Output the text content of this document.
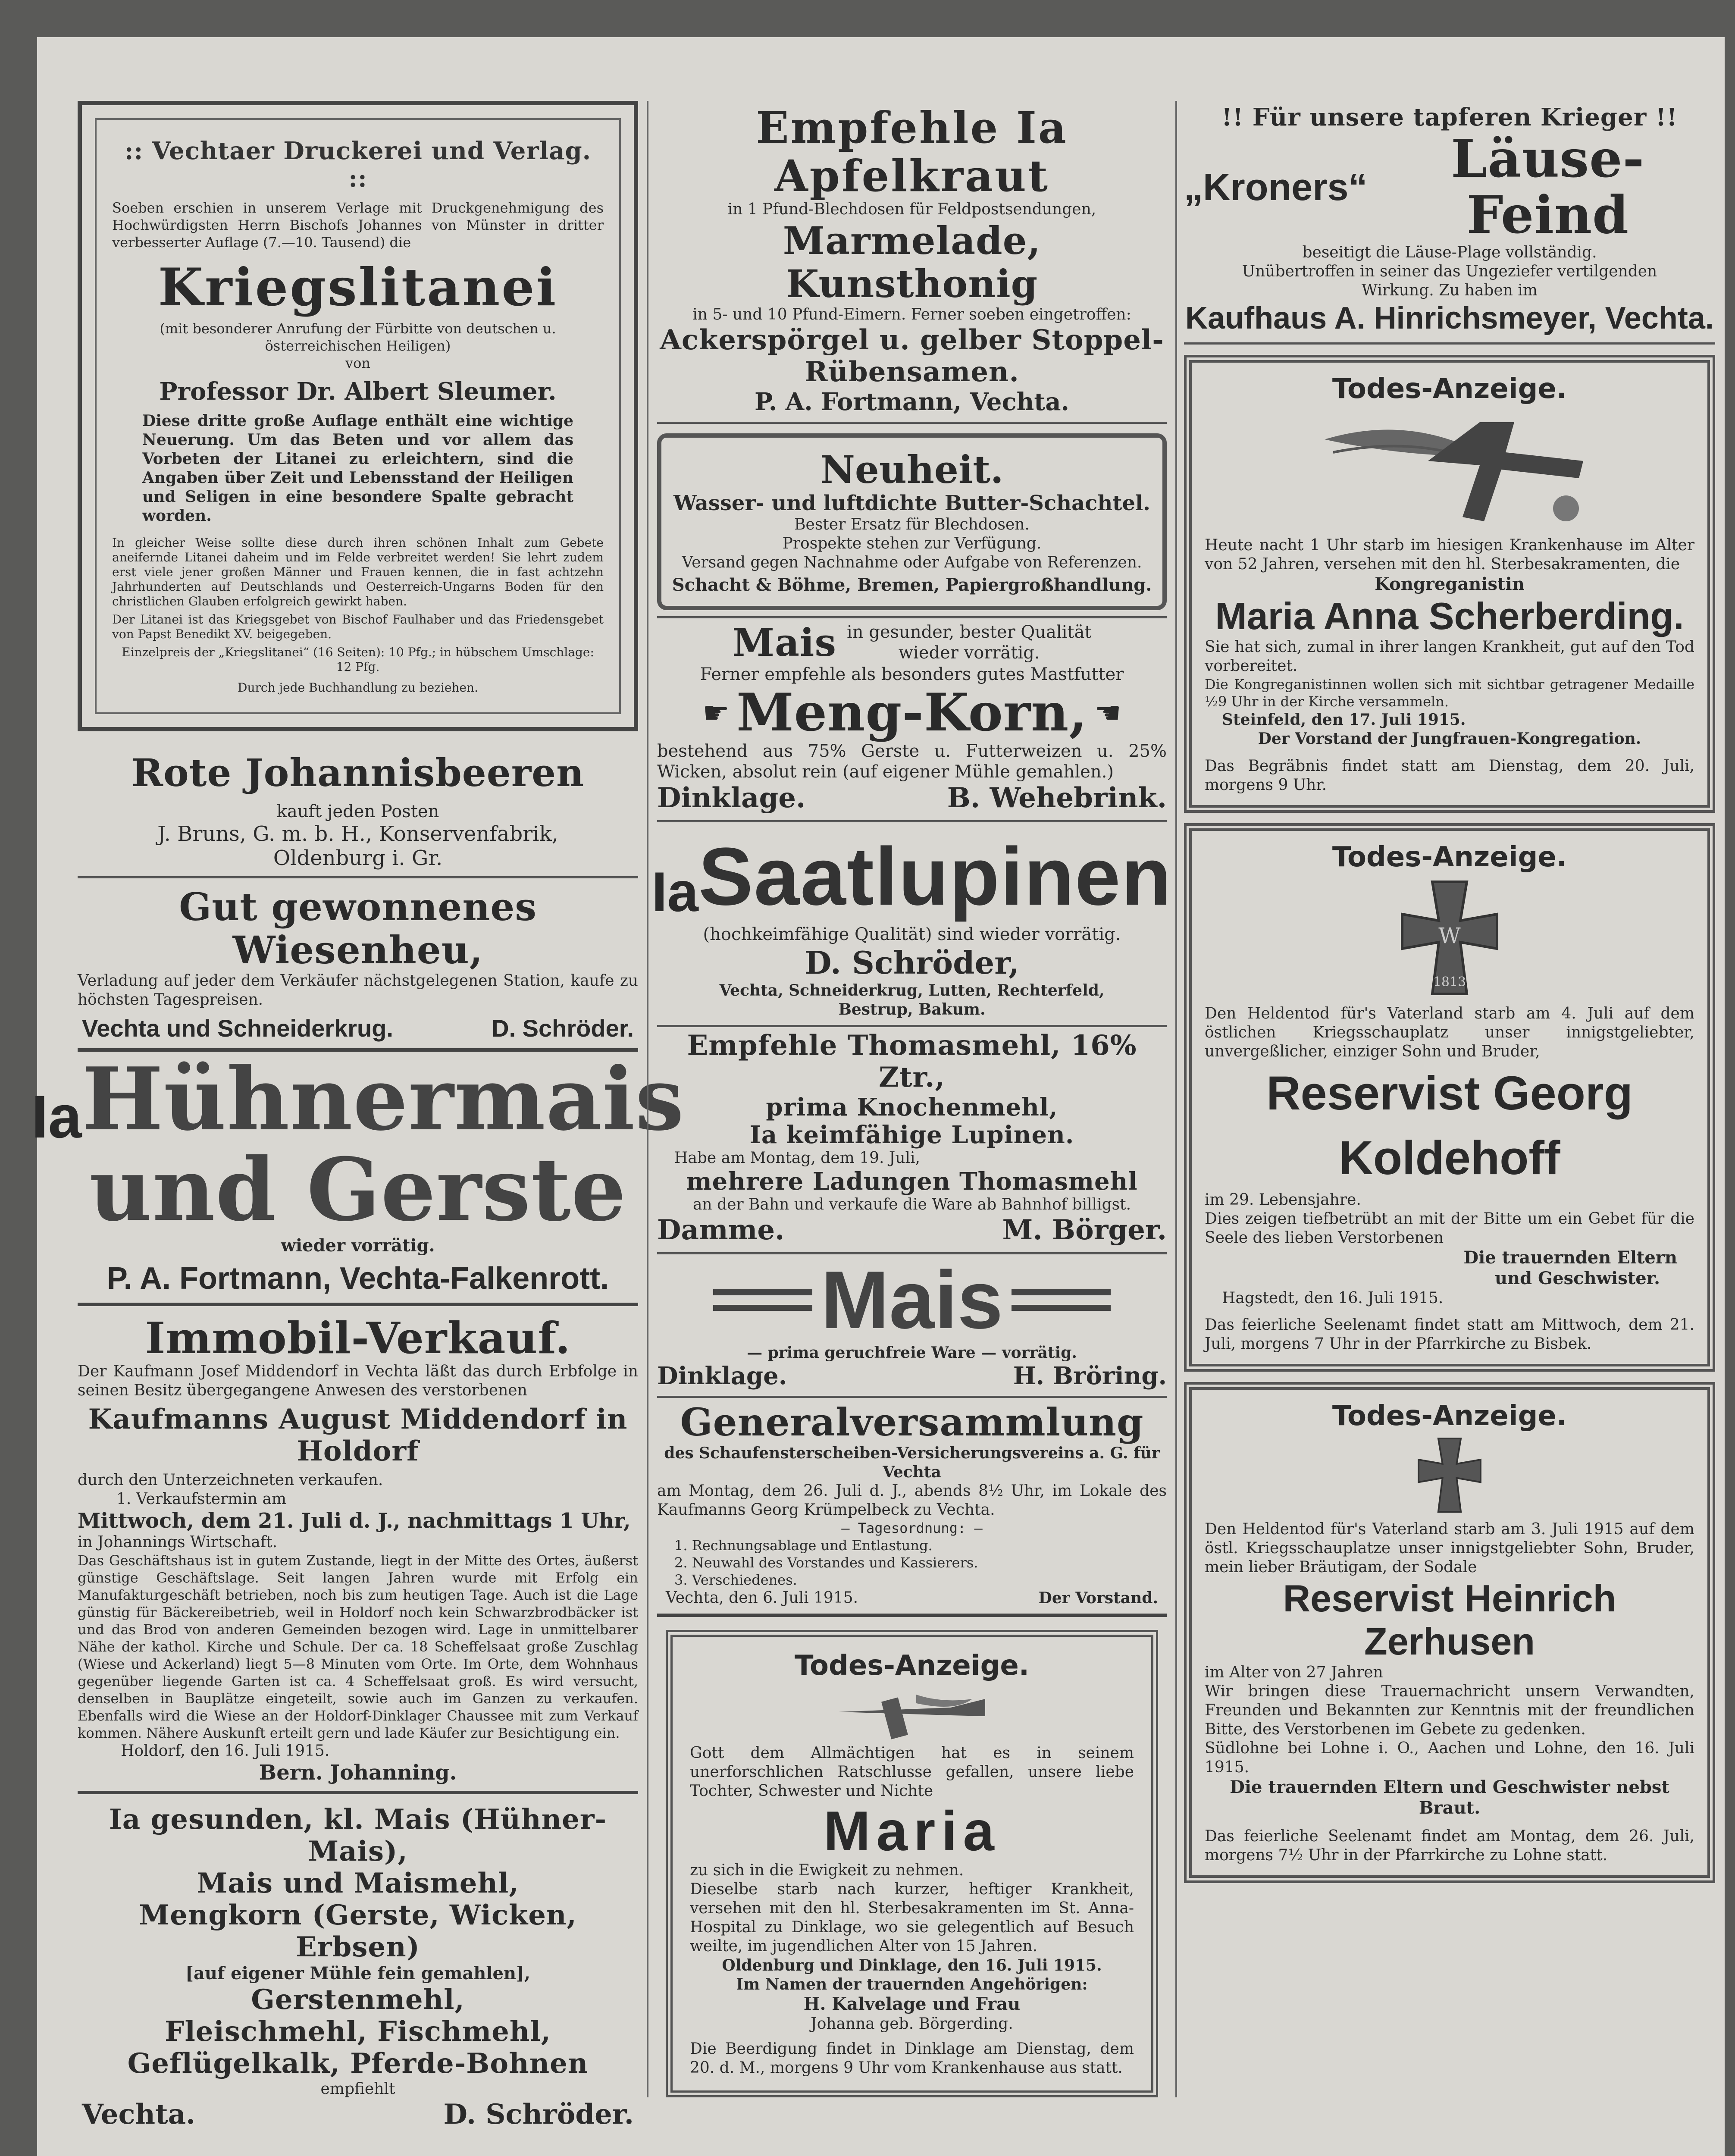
:: Vechtaer Druckerei und Verlag. ::
Soeben erschien in unserem Verlage mit Druckgenehmigung des Hochwürdigsten Herrn Bischofs Johannes von Münster in dritter verbesserter Auflage (7.—10. Tausend) die
Kriegslitanei
(mit besonderer Anrufung der Fürbitte von deutschen u. österreichischen Heiligen)
von
Professor Dr. Albert Sleumer.
Diese dritte große Auflage enthält eine wichtige Neuerung. Um das Beten und vor allem das Vorbeten der Litanei zu erleichtern, sind die Angaben über Zeit und Lebensstand der Heiligen und Seligen in eine besondere Spalte gebracht worden.
In gleicher Weise sollte diese durch ihren schönen Inhalt zum Gebete aneifernde Litanei daheim und im Felde verbreitet werden! Sie lehrt zudem erst viele jener großen Männer und Frauen kennen, die in fast achtzehn Jahrhunderten auf Deutschlands und Oesterreich-Ungarns Boden für den christlichen Glauben erfolgreich gewirkt haben.
Der Litanei ist das Kriegsgebet von Bischof Faulhaber und das Friedensgebet von Papst Benedikt XV. beigegeben.
Einzelpreis der „Kriegslitanei“ (16 Seiten): 10 Pfg.; in hübschem Umschlage: 12 Pfg.
Durch jede Buchhandlung zu beziehen.
Rote Johannisbeeren
kauft jeden Posten
J. Bruns, G. m. b. H., Konservenfabrik,
Oldenburg i. Gr.
Gut gewonnenes Wiesenheu,
Verladung auf jeder dem Verkäufer nächstgelegenen Station, kaufe zu höchsten Tagespreisen.
Vechta und Schneiderkrug.	D. Schröder.
Ia Hühnermais
und Gerste
wieder vorrätig.
P. A. Fortmann, Vechta-Falkenrott.
Immobil-Verkauf.
Der Kaufmann Josef Middendorf in Vechta läßt das durch Erbfolge in seinen Besitz übergegangene Anwesen des verstorbenen
Kaufmanns August Middendorf in Holdorf
durch den Unterzeichneten verkaufen.
1. Verkaufstermin am
Mittwoch, dem 21. Juli d. J., nachmittags 1 Uhr,
in Johannings Wirtschaft.
Das Geschäftshaus ist in gutem Zustande, liegt in der Mitte des Ortes, äußerst günstige Geschäftslage. Seit langen Jahren wurde mit Erfolg ein Manufakturgeschäft betrieben, noch bis zum heutigen Tage. Auch ist die Lage günstig für Bäckereibetrieb, weil in Holdorf noch kein Schwarzbrodbäcker ist und das Brod von anderen Gemeinden bezogen wird. Lage in unmittelbarer Nähe der kathol. Kirche und Schule. Der ca. 18 Scheffelsaat große Zuschlag (Wiese und Ackerland) liegt 5—8 Minuten vom Orte. Im Orte, dem Wohnhaus gegenüber liegende Garten ist ca. 4 Scheffelsaat groß. Es wird versucht, denselben in Bauplätze eingeteilt, sowie auch im Ganzen zu verkaufen. Ebenfalls wird die Wiese an der Holdorf-Dinklager Chaussee mit zum Verkauf kommen. Nähere Auskunft erteilt gern und lade Käufer zur Besichtigung ein.
Holdorf, den 16. Juli 1915.
Bern. Johanning.
Ia gesunden, kl. Mais (Hühner-Mais),
Mais und Maismehl,
Mengkorn (Gerste, Wicken, Erbsen)
[auf eigener Mühle fein gemahlen],
Gerstenmehl,
Fleischmehl, Fischmehl,
Geflügelkalk, Pferde-Bohnen
empfiehlt
Vechta.	D. Schröder.
Empfehle Ia Apfelkraut
in 1 Pfund-Blechdosen für Feldpostsendungen,
Marmelade, Kunsthonig
in 5- und 10 Pfund-Eimern. Ferner soeben eingetroffen:
Ackerspörgel u. gelber Stoppel-Rübensamen.
P. A. Fortmann, Vechta.
Neuheit.
Wasser- und luftdichte Butter-Schachtel.
Bester Ersatz für Blechdosen.
Prospekte stehen zur Verfügung.
Versand gegen Nachnahme oder Aufgabe von Referenzen.
Schacht & Böhme, Bremen, Papiergroßhandlung.
Mais in gesunder, bester Qualität
wieder vorrätig.
Ferner empfehle als besonders gutes Mastfutter
☛ Meng-Korn, ☚
bestehend aus 75% Gerste u. Futterweizen u. 25% Wicken, absolut rein (auf eigener Mühle gemahlen.)
Dinklage.	B. Wehebrink.
Ia Saatlupinen
(hochkeimfähige Qualität) sind wieder vorrätig.
D. Schröder,
Vechta, Schneiderkrug, Lutten, Rechterfeld, Bestrup, Bakum.
Empfehle Thomasmehl, 16% Ztr.,
prima Knochenmehl,
Ia keimfähige Lupinen.
Habe am Montag, dem 19. Juli,
mehrere Ladungen Thomasmehl
an der Bahn und verkaufe die Ware ab Bahnhof billigst.
Damme.	M. Börger.
Mais
— prima geruchfreie Ware — vorrätig.
Dinklage.	H. Bröring.
Generalversammlung
des Schaufensterscheiben-Versicherungsvereins a. G. für Vechta
am Montag, dem 26. Juli d. J., abends 8½ Uhr, im Lokale des Kaufmanns Georg Krümpelbeck zu Vechta.
— Tagesordnung: —
1. Rechnungsablage und Entlastung.
2. Neuwahl des Vorstandes und Kassierers.
3. Verschiedenes.
Vechta, den 6. Juli 1915.	Der Vorstand.
Todes-Anzeige.
Gott dem Allmächtigen hat es in seinem unerforschlichen Ratschlusse gefallen, unsere liebe Tochter, Schwester und Nichte
Maria
zu sich in die Ewigkeit zu nehmen.
Dieselbe starb nach kurzer, heftiger Krankheit, versehen mit den hl. Sterbesakramenten im St. Anna-Hospital zu Dinklage, wo sie gelegentlich auf Besuch weilte, im jugendlichen Alter von 15 Jahren.
Oldenburg und Dinklage, den 16. Juli 1915.
Im Namen der trauernden Angehörigen:
H. Kalvelage und Frau
Johanna geb. Börgerding.
Die Beerdigung findet in Dinklage am Dienstag, dem 20. d. M., morgens 9 Uhr vom Krankenhause aus statt.
!! Für unsere tapferen Krieger !!
„Kroners“	Läuse-Feind
beseitigt die Läuse-Plage vollständig.
Unübertroffen in seiner das Ungeziefer vertilgenden Wirkung. Zu haben im
Kaufhaus A. Hinrichsmeyer, Vechta.
Todes-Anzeige.
Heute nacht 1 Uhr starb im hiesigen Krankenhause im Alter von 52 Jahren, versehen mit den hl. Sterbesakramenten, die
Kongreganistin
Maria Anna Scherberding.
Sie hat sich, zumal in ihrer langen Krankheit, gut auf den Tod vorbereitet.
Die Kongreganistinnen wollen sich mit sichtbar getragener Medaille ½9 Uhr in der Kirche versammeln.
Steinfeld, den 17. Juli 1915.
Der Vorstand der Jungfrauen-Kongregation.
Das Begräbnis findet statt am Dienstag, dem 20. Juli, morgens 9 Uhr.
Todes-Anzeige.
W
1813
Den Heldentod für's Vaterland starb am 4. Juli auf dem östlichen Kriegsschauplatz unser innigstgeliebter, unvergeßlicher, einziger Sohn und Bruder,
Reservist Georg Koldehoff
im 29. Lebensjahre.
Dies zeigen tiefbetrübt an mit der Bitte um ein Gebet für die Seele des lieben Verstorbenen
Die trauernden Eltern
und Geschwister.
Hagstedt, den 16. Juli 1915.
Das feierliche Seelenamt findet statt am Mittwoch, dem 21. Juli, morgens 7 Uhr in der Pfarrkirche zu Bisbek.
Todes-Anzeige.
Den Heldentod für's Vaterland starb am 3. Juli 1915 auf dem östl. Kriegsschauplatze unser innigstgeliebter Sohn, Bruder, mein lieber Bräutigam, der Sodale
Reservist Heinrich Zerhusen
im Alter von 27 Jahren
Wir bringen diese Trauernachricht unsern Verwandten, Freunden und Bekannten zur Kenntnis mit der freundlichen Bitte, des Verstorbenen im Gebete zu gedenken.
Südlohne bei Lohne i. O., Aachen und Lohne, den 16. Juli 1915.
Die trauernden Eltern und Geschwister nebst Braut.
Das feierliche Seelenamt findet am Montag, dem 26. Juli, morgens 7½ Uhr in der Pfarrkirche zu Lohne statt.
